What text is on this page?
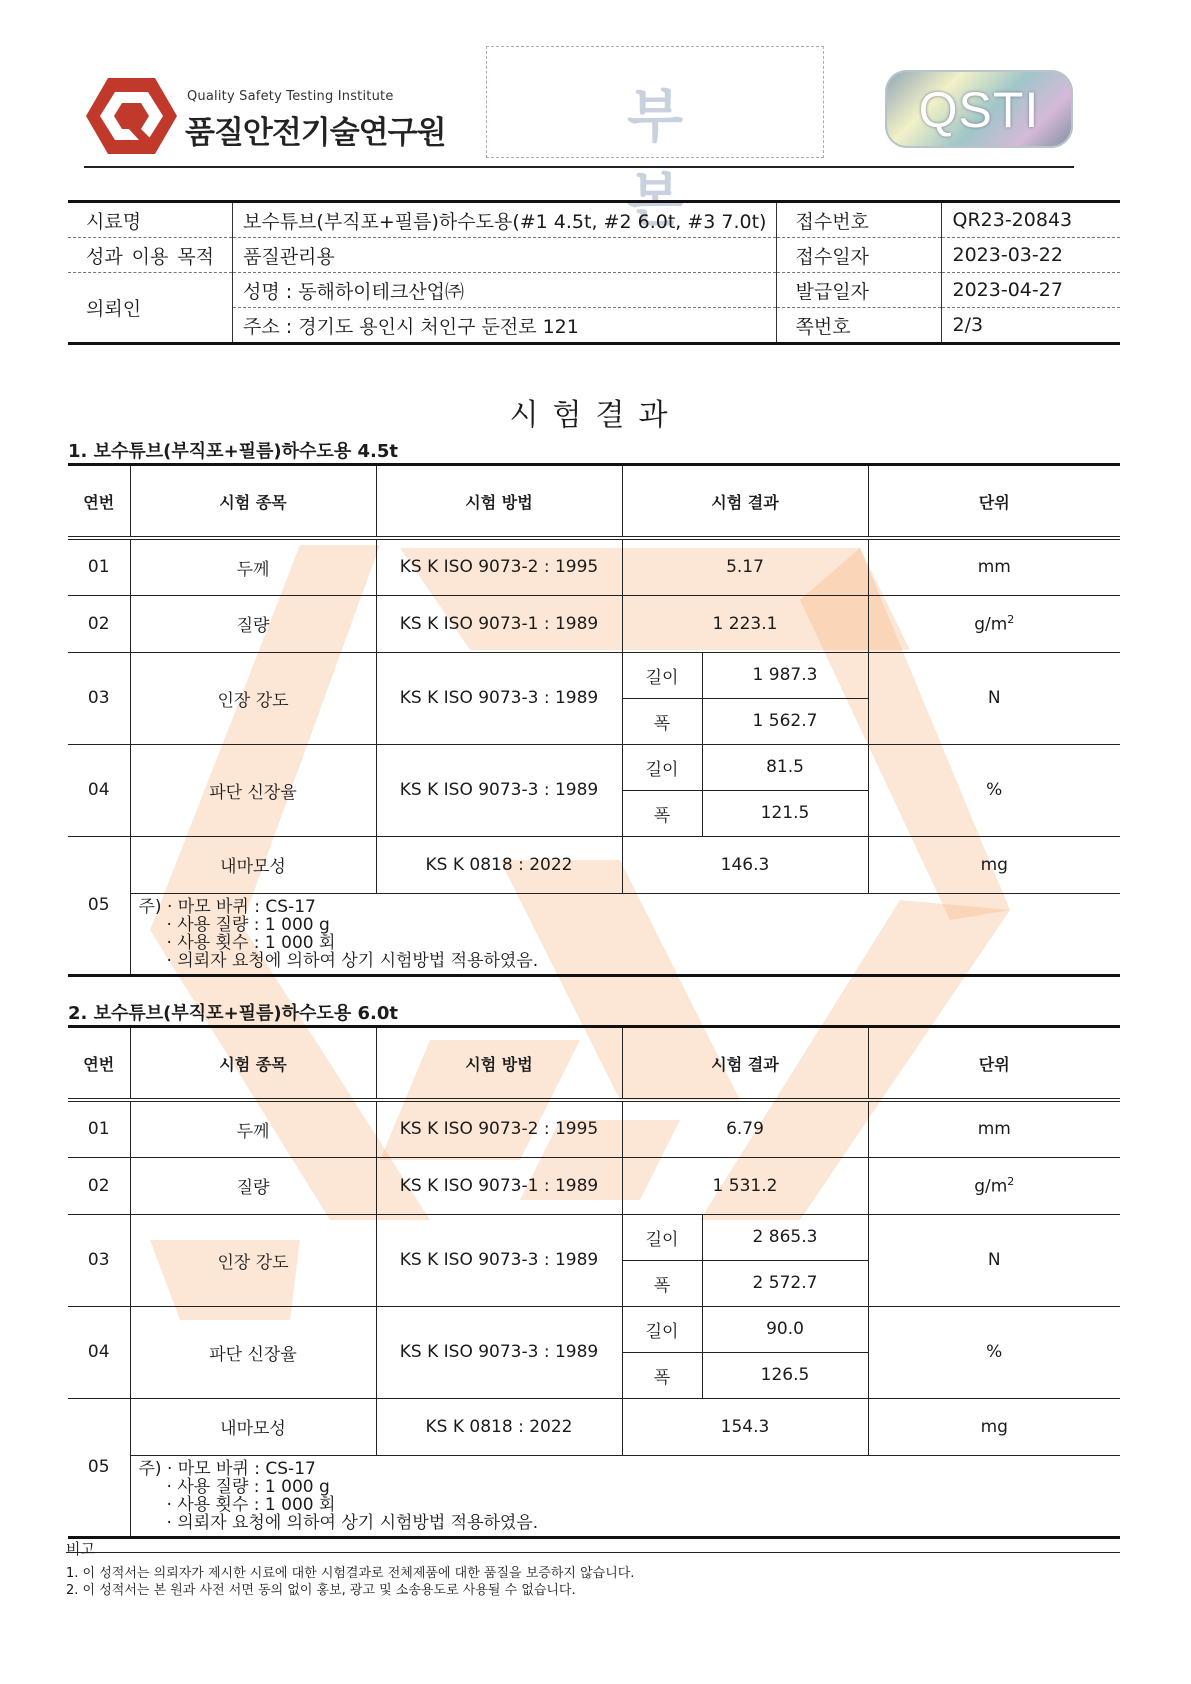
Quality Safety Testing Institute
품질안전기술연구원	부 본
QSTI
시료명	보수튜브(부직포+필름)하수도용(#1 4.5t, #2 6.0t, #3 7.0t)	접수번호	QR23-20843
성과 이용 목적	품질관리용	접수일자	2023-03-22
의뢰인	성명 : 동해하이테크산업㈜	발급일자	2023-04-27
	주소 : 경기도 용인시 처인구 둔전로 121	쪽번호	2/3
시험결과
1. 보수튜브(부직포+필름)하수도용 4.5t
연번	시험 종목	시험 방법	시험 결과		단위
01	두께	KS K ISO 9073-2 : 1995	5.17		mm
02	질량	KS K ISO 9073-1 : 1989	1 223.1		$g/m^2$
03	인장 강도	KS K ISO 9073-3 : 1989	길이	1 987.3	N
			폭	1 562.7	
04	파단 신장율	KS K ISO 9073-3 : 1989	길이	81.5	%
			폭	121.5	
05	내마모성	KS K 0818 : 2022	146.3		mg

	주) · 마모 바퀴 : CS-17
· 사용 질량 : 1 000 g
· 사용 횟수 : 1 000 회
· 의뢰자 요청에 의하여 상기 시험방법 적용하였음.				
2. 보수튜브(부직포+필름)하수도용 6.0t
연번	시험 종목	시험 방법	시험 결과		단위
01	두께	KS K ISO 9073-2 : 1995	6.79		mm
02	질량	KS K ISO 9073-1 : 1989	1 531.2		$g/m^2$
03	인장 강도	KS K ISO 9073-3 : 1989	길이	2 865.3	N
			폭	2 572.7	
04	파단 신장율	KS K ISO 9073-3 : 1989	길이	90.0	%
			폭	126.5	
05	내마모성	KS K 0818 : 2022	154.3		mg

	주) · 마모 바퀴 : CS-17
· 사용 질량 : 1 000 g
· 사용 횟수 : 1 000 회
· 의뢰자 요청에 의하여 상기 시험방법 적용하였음.				
비고
1. 이 성적서는 의뢰자가 제시한 시료에 대한 시험결과로 전체제품에 대한 품질을 보증하지 않습니다.
2. 이 성적서는 본 원과 사전 서면 동의 없이 홍보, 광고 및 소송용도로 사용될 수 없습니다.
